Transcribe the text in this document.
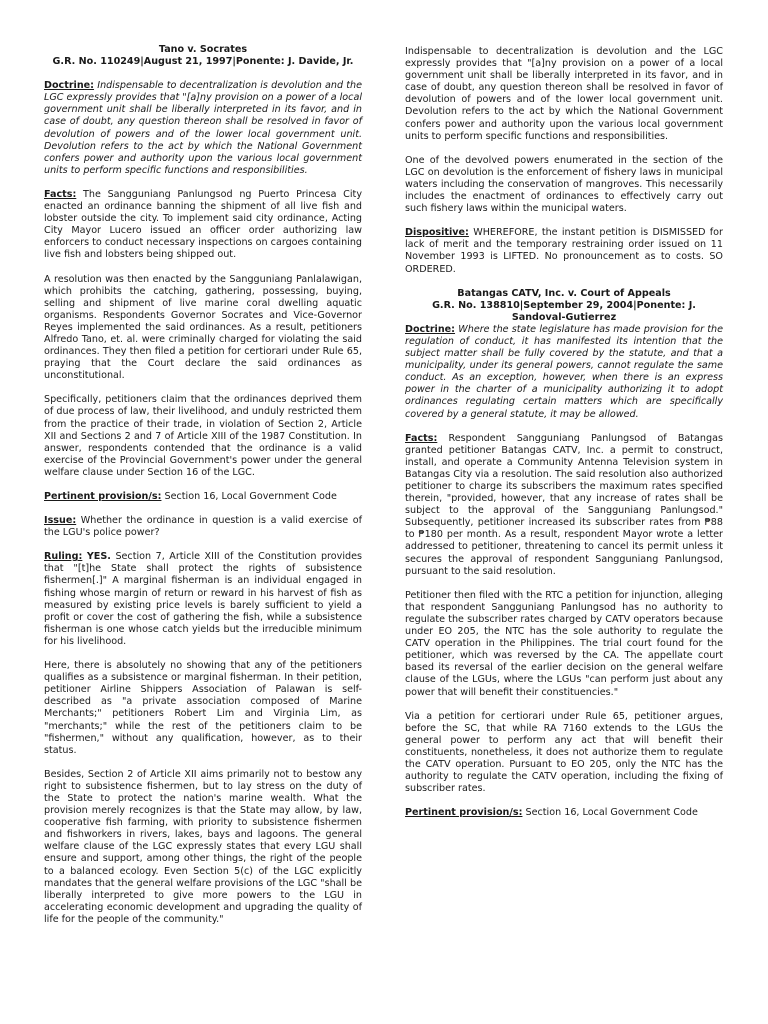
Tano v. Socrates

G.R. No. 110249|August 21, 1997|Ponente: J. Davide, Jr.

Doctrine: Indispensable to decentralization is devolution and the LGC expressly provides that "[a]ny provision on a power of a local government unit shall be liberally interpreted in its favor, and in case of doubt, any question thereon shall be resolved in favor of devolution of powers and of the lower local government unit. Devolution refers to the act by which the National Government confers power and authority upon the various local government units to perform specific functions and responsibilities.

Facts: The Sangguniang Panlungsod ng Puerto Princesa City enacted an ordinance banning the shipment of all live fish and lobster outside the city. To implement said city ordinance, Acting City Mayor Lucero issued an officer order authorizing law enforcers to conduct necessary inspections on cargoes containing live fish and lobsters being shipped out.

A resolution was then enacted by the Sangguniang Panlalawigan, which prohibits the catching, gathering, possessing, buying, selling and shipment of live marine coral dwelling aquatic organisms. Respondents Governor Socrates and Vice-Governor Reyes implemented the said ordinances. As a result, petitioners Alfredo Tano, et. al. were criminally charged for violating the said ordinances. They then filed a petition for certiorari under Rule 65, praying that the Court declare the said ordinances as unconstitutional.

Specifically, petitioners claim that the ordinances deprived them of due process of law, their livelihood, and unduly restricted them from the practice of their trade, in violation of Section 2, Article XII and Sections 2 and 7 of Article XIII of the 1987 Constitution. In answer, respondents contended that the ordinance is a valid exercise of the Provincial Government's power under the general welfare clause under Section 16 of the LGC.

Pertinent provision/s: Section 16, Local Government Code

Issue: Whether the ordinance in question is a valid exercise of the LGU's police power?

Ruling: YES. Section 7, Article XIII of the Constitution provides that "[t]he State shall protect the rights of subsistence fishermen[.]" A marginal fisherman is an individual engaged in fishing whose margin of return or reward in his harvest of fish as measured by existing price levels is barely sufficient to yield a profit or cover the cost of gathering the fish, while a subsistence fisherman is one whose catch yields but the irreducible minimum for his livelihood.

Here, there is absolutely no showing that any of the petitioners qualifies as a subsistence or marginal fisherman. In their petition, petitioner Airline Shippers Association of Palawan is self-described as "a private association composed of Marine Merchants;" petitioners Robert Lim and Virginia Lim, as "merchants;" while the rest of the petitioners claim to be "fishermen," without any qualification, however, as to their status.

Besides, Section 2 of Article XII aims primarily not to bestow any right to subsistence fishermen, but to lay stress on the duty of the State to protect the nation's marine wealth. What the provision merely recognizes is that the State may allow, by law, cooperative fish farming, with priority to subsistence fishermen and fishworkers in rivers, lakes, bays and lagoons. The general welfare clause of the LGC expressly states that every LGU shall ensure and support, among other things, the right of the people to a balanced ecology. Even Section 5(c) of the LGC explicitly mandates that the general welfare provisions of the LGC "shall be liberally interpreted to give more powers to the LGU in accelerating economic development and upgrading the quality of life for the people of the community."

Indispensable to decentralization is devolution and the LGC expressly provides that "[a]ny provision on a power of a local government unit shall be liberally interpreted in its favor, and in case of doubt, any question thereon shall be resolved in favor of devolution of powers and of the lower local government unit. Devolution refers to the act by which the National Government confers power and authority upon the various local government units to perform specific functions and responsibilities.

One of the devolved powers enumerated in the section of the LGC on devolution is the enforcement of fishery laws in municipal waters including the conservation of mangroves. This necessarily includes the enactment of ordinances to effectively carry out such fishery laws within the municipal waters.

Dispositive: WHEREFORE, the instant petition is DISMISSED for lack of merit and the temporary restraining order issued on 11 November 1993 is LIFTED. No pronouncement as to costs. SO ORDERED.

Batangas CATV, Inc. v. Court of Appeals

G.R. No. 138810|September 29, 2004|Ponente: J. Sandoval-Gutierrez

Doctrine: Where the state legislature has made provision for the regulation of conduct, it has manifested its intention that the subject matter shall be fully covered by the statute, and that a municipality, under its general powers, cannot regulate the same conduct. As an exception, however, when there is an express power in the charter of a municipality authorizing it to adopt ordinances regulating certain matters which are specifically covered by a general statute, it may be allowed.

Facts: Respondent Sangguniang Panlungsod of Batangas granted petitioner Batangas CATV, Inc. a permit to construct, install, and operate a Community Antenna Television system in Batangas City via a resolution. The said resolution also authorized petitioner to charge its subscribers the maximum rates specified therein, "provided, however, that any increase of rates shall be subject to the approval of the Sangguniang Panlungsod." Subsequently, petitioner increased its subscriber rates from ₱88 to ₱180 per month. As a result, respondent Mayor wrote a letter addressed to petitioner, threatening to cancel its permit unless it secures the approval of respondent Sangguniang Panlungsod, pursuant to the said resolution.

Petitioner then filed with the RTC a petition for injunction, alleging that respondent Sangguniang Panlungsod has no authority to regulate the subscriber rates charged by CATV operators because under EO 205, the NTC has the sole authority to regulate the CATV operation in the Philippines. The trial court found for the petitioner, which was reversed by the CA. The appellate court based its reversal of the earlier decision on the general welfare clause of the LGUs, where the LGUs "can perform just about any power that will benefit their constituencies."

Via a petition for certiorari under Rule 65, petitioner argues, before the SC, that while RA 7160 extends to the LGUs the general power to perform any act that will benefit their constituents, nonetheless, it does not authorize them to regulate the CATV operation. Pursuant to EO 205, only the NTC has the authority to regulate the CATV operation, including the fixing of subscriber rates.

Pertinent provision/s: Section 16, Local Government Code
